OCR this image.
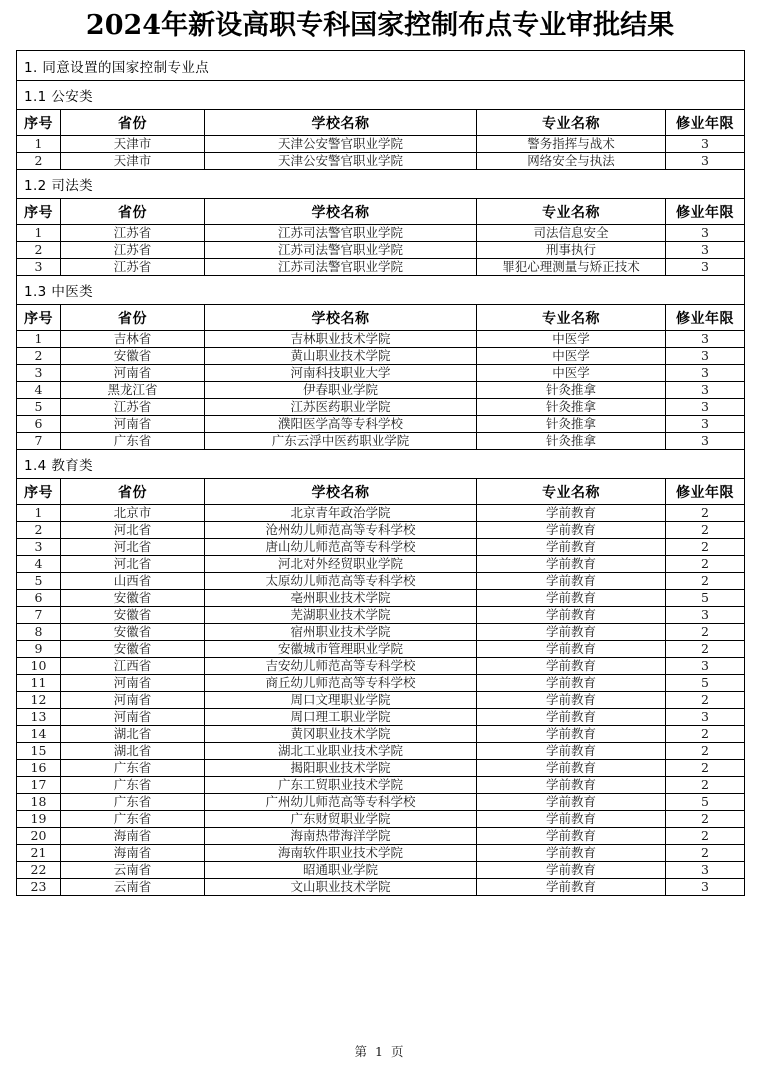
2024年新设高职专科国家控制布点专业审批结果
1. 同意设置的国家控制专业点				
1.1 公安类				
序号	省份	学校名称	专业名称	修业年限
1	天津市	天津公安警官职业学院	警务指挥与战术	3
2	天津市	天津公安警官职业学院	网络安全与执法	3
1.2 司法类				
序号	省份	学校名称	专业名称	修业年限
1	江苏省	江苏司法警官职业学院	司法信息安全	3
2	江苏省	江苏司法警官职业学院	刑事执行	3
3	江苏省	江苏司法警官职业学院	罪犯心理测量与矫正技术	3
1.3 中医类				
序号	省份	学校名称	专业名称	修业年限
1	吉林省	吉林职业技术学院	中医学	3
2	安徽省	黄山职业技术学院	中医学	3
3	河南省	河南科技职业大学	中医学	3
4	黑龙江省	伊春职业学院	针灸推拿	3
5	江苏省	江苏医药职业学院	针灸推拿	3
6	河南省	濮阳医学高等专科学校	针灸推拿	3
7	广东省	广东云浮中医药职业学院	针灸推拿	3
1.4 教育类				
序号	省份	学校名称	专业名称	修业年限
1	北京市	北京青年政治学院	学前教育	2
2	河北省	沧州幼儿师范高等专科学校	学前教育	2
3	河北省	唐山幼儿师范高等专科学校	学前教育	2
4	河北省	河北对外经贸职业学院	学前教育	2
5	山西省	太原幼儿师范高等专科学校	学前教育	2
6	安徽省	亳州职业技术学院	学前教育	5
7	安徽省	芜湖职业技术学院	学前教育	3
8	安徽省	宿州职业技术学院	学前教育	2
9	安徽省	安徽城市管理职业学院	学前教育	2
10	江西省	吉安幼儿师范高等专科学校	学前教育	3
11	河南省	商丘幼儿师范高等专科学校	学前教育	5
12	河南省	周口文理职业学院	学前教育	2
13	河南省	周口理工职业学院	学前教育	3
14	湖北省	黄冈职业技术学院	学前教育	2
15	湖北省	湖北工业职业技术学院	学前教育	2
16	广东省	揭阳职业技术学院	学前教育	2
17	广东省	广东工贸职业技术学院	学前教育	2
18	广东省	广州幼儿师范高等专科学校	学前教育	5
19	广东省	广东财贸职业学院	学前教育	2
20	海南省	海南热带海洋学院	学前教育	2
21	海南省	海南软件职业技术学院	学前教育	2
22	云南省	昭通职业学院	学前教育	3
23	云南省	文山职业技术学院	学前教育	3
第 1 页
